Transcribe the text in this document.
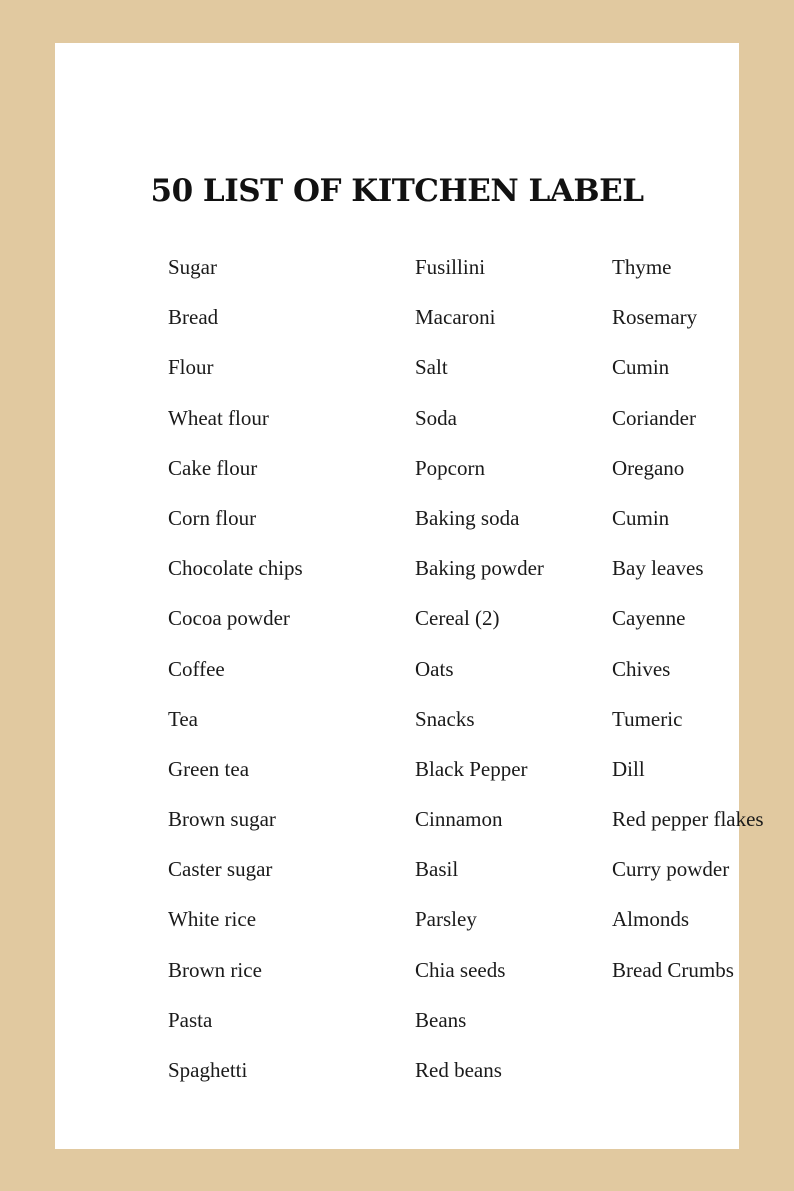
50 LIST OF KITCHEN LABEL
Sugar
Bread
Flour
Wheat flour
Cake flour
Corn flour
Chocolate chips
Cocoa powder
Coffee
Tea
Green tea
Brown sugar
Caster sugar
White rice
Brown rice
Pasta
Spaghetti
Fusillini
Macaroni
Salt
Soda
Popcorn
Baking soda
Baking powder
Cereal (2)
Oats
Snacks
Black Pepper
Cinnamon
Basil
Parsley
Chia seeds
Beans
Red beans
Thyme
Rosemary
Cumin
Coriander
Oregano
Cumin
Bay leaves
Cayenne
Chives
Tumeric
Dill
Red pepper flakes
Curry powder
Almonds
Bread Crumbs
